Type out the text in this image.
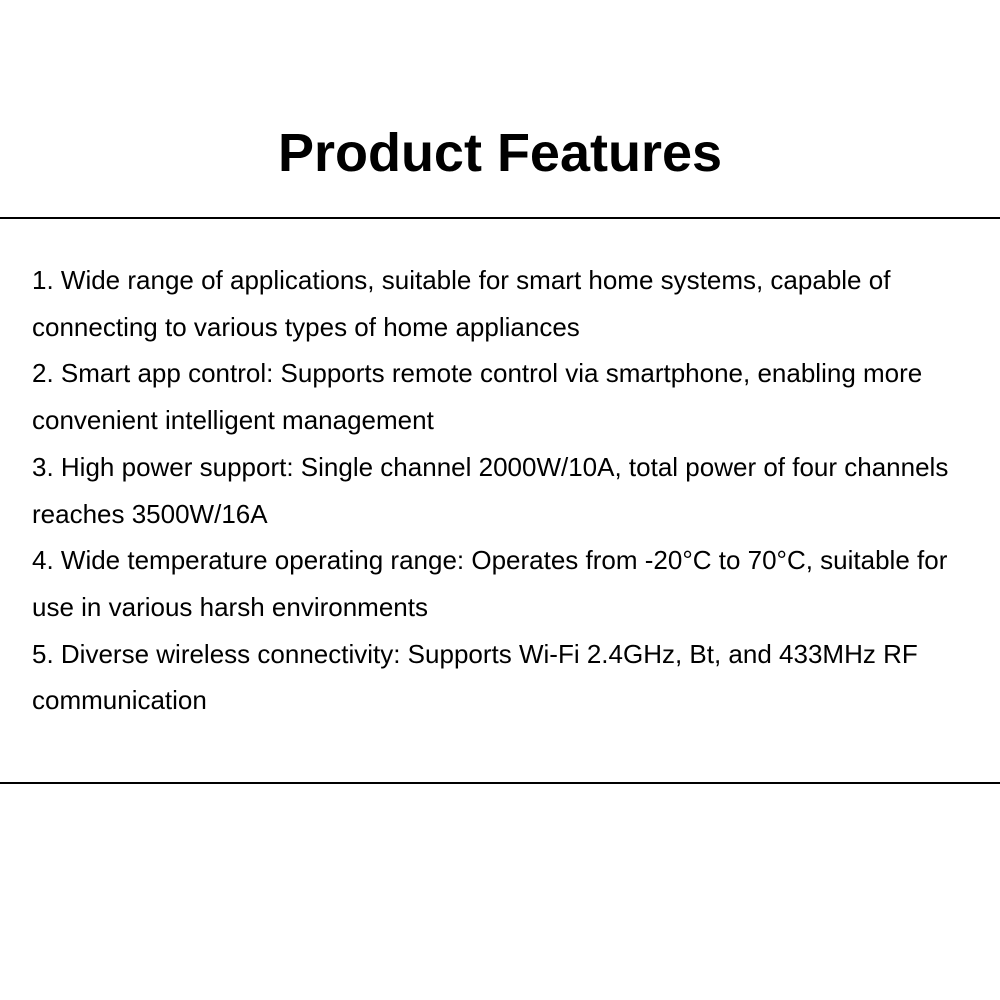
Product Features
1. Wide range of applications, suitable for smart home systems, capable of connecting to various types of home appliances
2. Smart app control: Supports remote control via smartphone, enabling more convenient intelligent management
3. High power support: Single channel 2000W/10A, total power of four channels reaches 3500W/16A
4. Wide temperature operating range: Operates from -20°C to 70°C, suitable for use in various harsh environments
5. Diverse wireless connectivity: Supports Wi-Fi 2.4GHz, Bt, and 433MHz RF communication
